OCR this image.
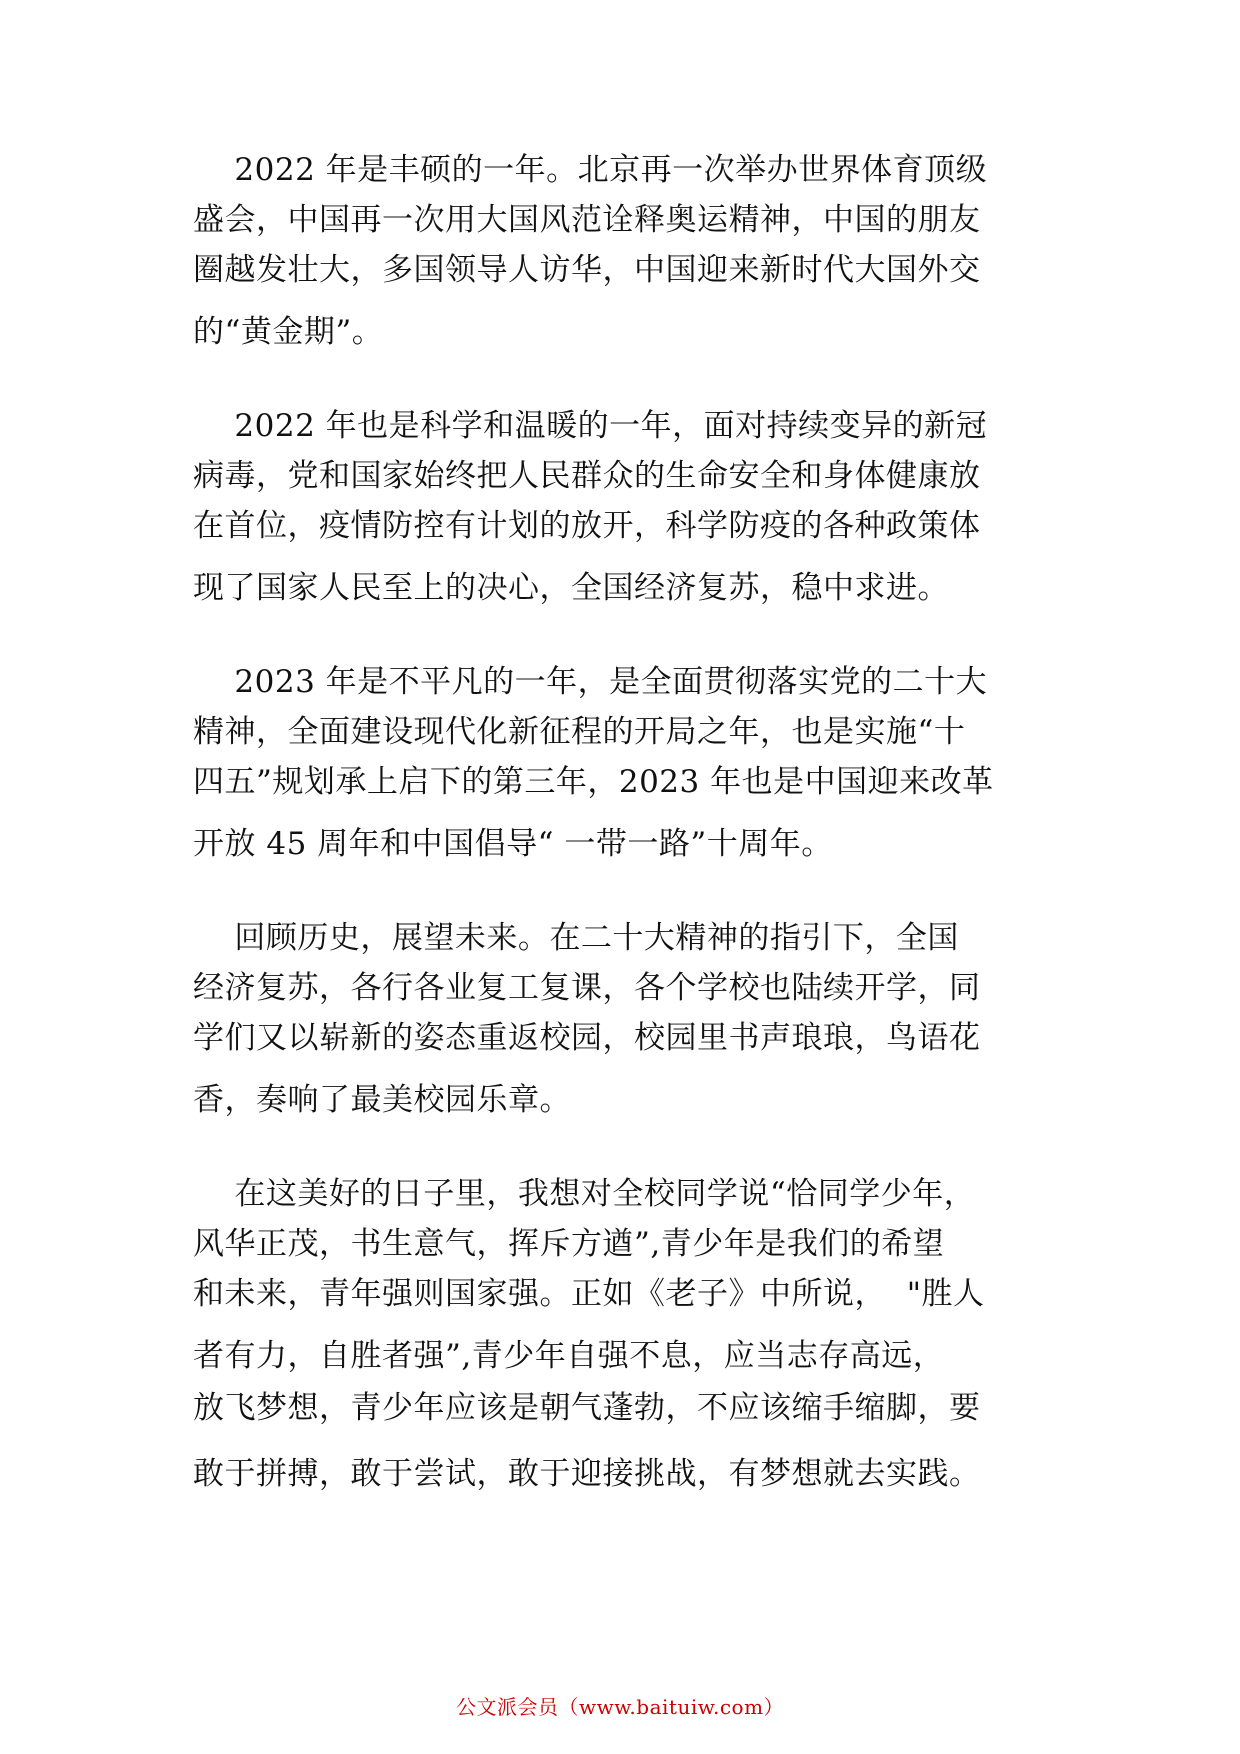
2022 年是丰硕的一年。北京再一次举办世界体育顶级
盛会，中国再一次用大国风范诠释奥运精神，中国的朋友
圈越发壮大，多国领导人访华，中国迎来新时代大国外交
的“黄金期”。
2022 年也是科学和温暖的一年，面对持续变异的新冠
病毒，党和国家始终把人民群众的生命安全和身体健康放
在首位，疫情防控有计划的放开，科学防疫的各种政策体
现了国家人民至上的决心，全国经济复苏，稳中求进。
2023 年是不平凡的一年，是全面贯彻落实党的二十大
精神，全面建设现代化新征程的开局之年，也是实施“十
四五”规划承上启下的第三年，2023 年也是中国迎来改革
开放 45 周年和中国倡导“ 一带一路”十周年。
回顾历史，展望未来。在二十大精神的指引下，全国
经济复苏，各行各业复工复课，各个学校也陆续开学，同
学们又以崭新的姿态重返校园，校园里书声琅琅，鸟语花
香，奏响了最美校园乐章。
在这美好的日子里，我想对全校同学说“恰同学少年，
风华正茂，书生意气，挥斥方遒”,青少年是我们的希望
和未来，青年强则国家强。正如《老子》中所说，  "胜人
者有力，自胜者强”,青少年自强不息，应当志存高远，
放飞梦想，青少年应该是朝气蓬勃，不应该缩手缩脚，要
敢于拼搏，敢于尝试，敢于迎接挑战，有梦想就去实践。
公文派会员（www.baituiw.com）
